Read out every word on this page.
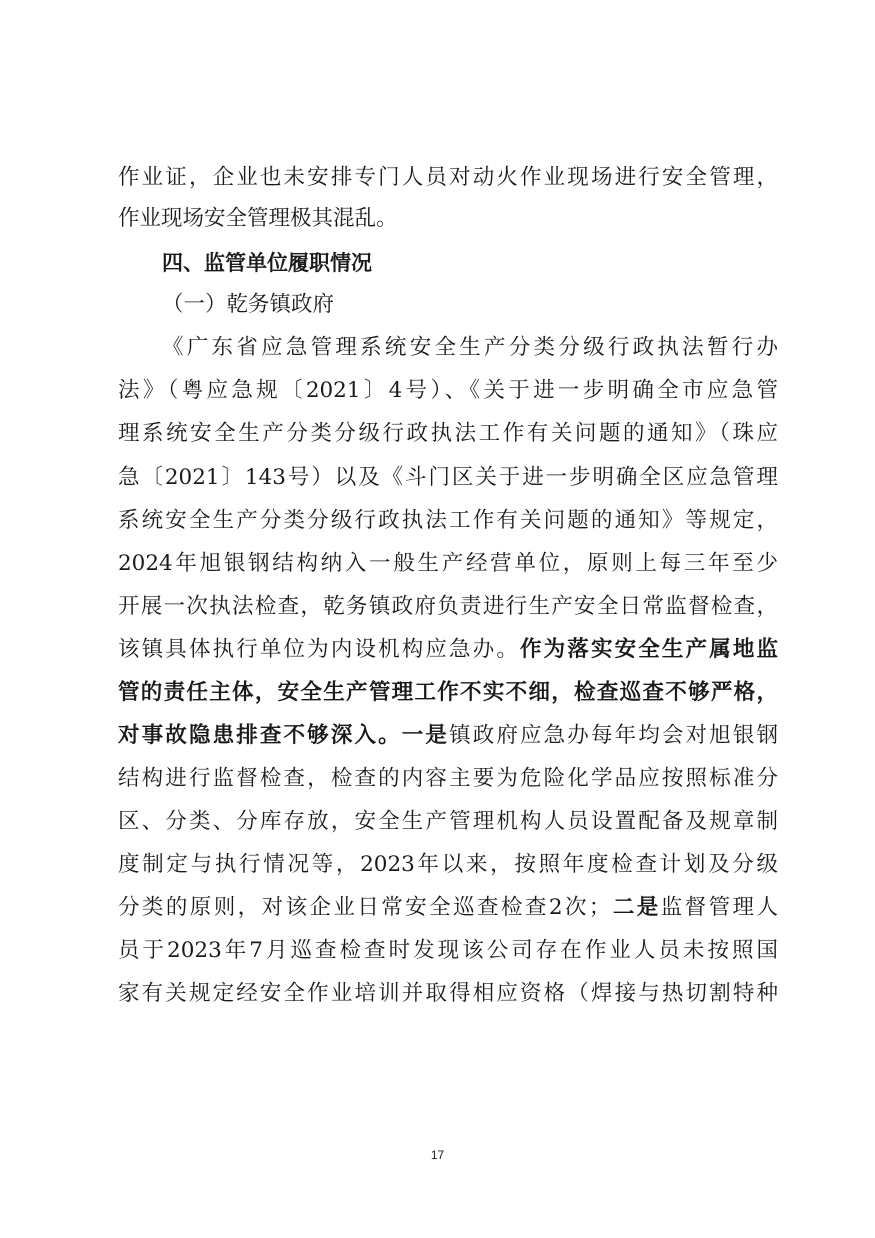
作业证，企业也未安排专门人员对动火作业现场进行安全管理，
作业现场安全管理极其混乱。
四、监管单位履职情况
（一）乾务镇政府
《广东省应急管理系统安全生产分类分级行政执法暂行办
法》（粤应急规〔2021〕4号）、《关于进一步明确全市应急管
理系统安全生产分类分级行政执法工作有关问题的通知》（珠应
急〔2021〕143号）以及《斗门区关于进一步明确全区应急管理
系统安全生产分类分级行政执法工作有关问题的通知》等规定，
2024年旭银钢结构纳入一般生产经营单位，原则上每三年至少
开展一次执法检查，乾务镇政府负责进行生产安全日常监督检查，
该镇具体执行单位为内设机构应急办。作为落实安全生产属地监
管的责任主体，安全生产管理工作不实不细，检查巡查不够严格，
对事故隐患排查不够深入。一是镇政府应急办每年均会对旭银钢
结构进行监督检查，检查的内容主要为危险化学品应按照标准分
区、分类、分库存放，安全生产管理机构人员设置配备及规章制
度制定与执行情况等，2023年以来，按照年度检查计划及分级
分类的原则，对该企业日常安全巡查检查2次；二是监督管理人
员于2023年7月巡查检查时发现该公司存在作业人员未按照国
家有关规定经安全作业培训并取得相应资格（焊接与热切割特种
17
